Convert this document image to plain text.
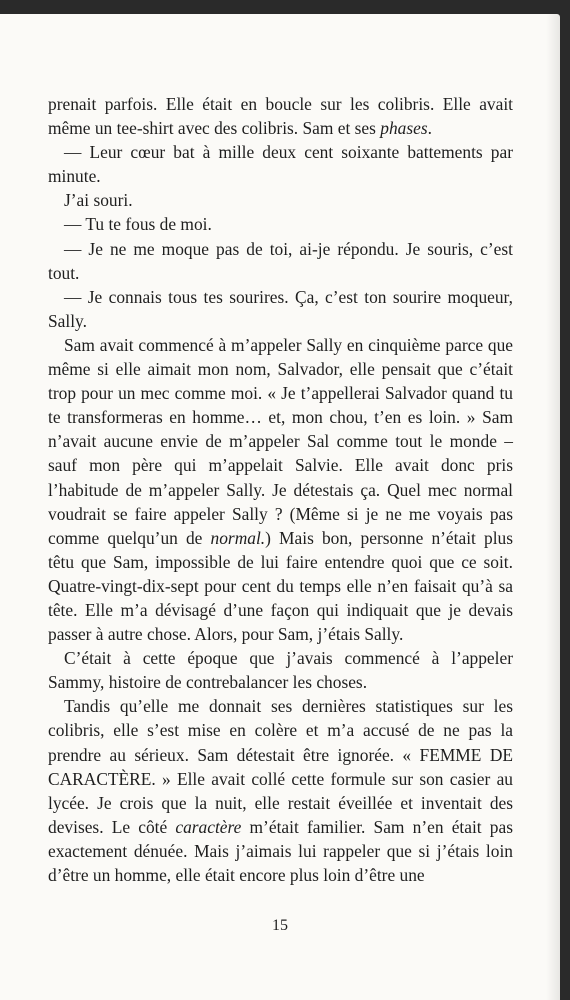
prenait parfois. Elle était en boucle sur les colibris. Elle avait même un tee-shirt avec des colibris. Sam et ses phases.

— Leur cœur bat à mille deux cent soixante battements par minute.

J’ai souri.

— Tu te fous de moi.

— Je ne me moque pas de toi, ai-je répondu. Je souris, c’est tout.

— Je connais tous tes sourires. Ça, c’est ton sourire moqueur, Sally.

Sam avait commencé à m’appeler Sally en cinquième parce que même si elle aimait mon nom, Salvador, elle pensait que c’était trop pour un mec comme moi. « Je t’appellerai Salvador quand tu te transformeras en homme… et, mon chou, t’en es loin. » Sam n’avait aucune envie de m’appeler Sal comme tout le monde – sauf mon père qui m’appelait Salvie. Elle avait donc pris l’habitude de m’appeler Sally. Je détestais ça. Quel mec normal voudrait se faire appeler Sally ? (Même si je ne me voyais pas comme quelqu’un de normal.) Mais bon, personne n’était plus têtu que Sam, impossible de lui faire entendre quoi que ce soit. Quatre-vingt-dix-sept pour cent du temps elle n’en faisait qu’à sa tête. Elle m’a dévisagé d’une façon qui indiquait que je devais passer à autre chose. Alors, pour Sam, j’étais Sally.

C’était à cette époque que j’avais commencé à l’appeler Sammy, histoire de contrebalancer les choses.

Tandis qu’elle me donnait ses dernières statistiques sur les colibris, elle s’est mise en colère et m’a accusé de ne pas la prendre au sérieux. Sam détestait être ignorée. « FEMME DE CARACTÈRE. » Elle avait collé cette formule sur son casier au lycée. Je crois que la nuit, elle restait éveillée et inventait des devises. Le côté caractère m’était familier. Sam n’en était pas exactement dénuée. Mais j’aimais lui rappeler que si j’étais loin d’être un homme, elle était encore plus loin d’être une

15
